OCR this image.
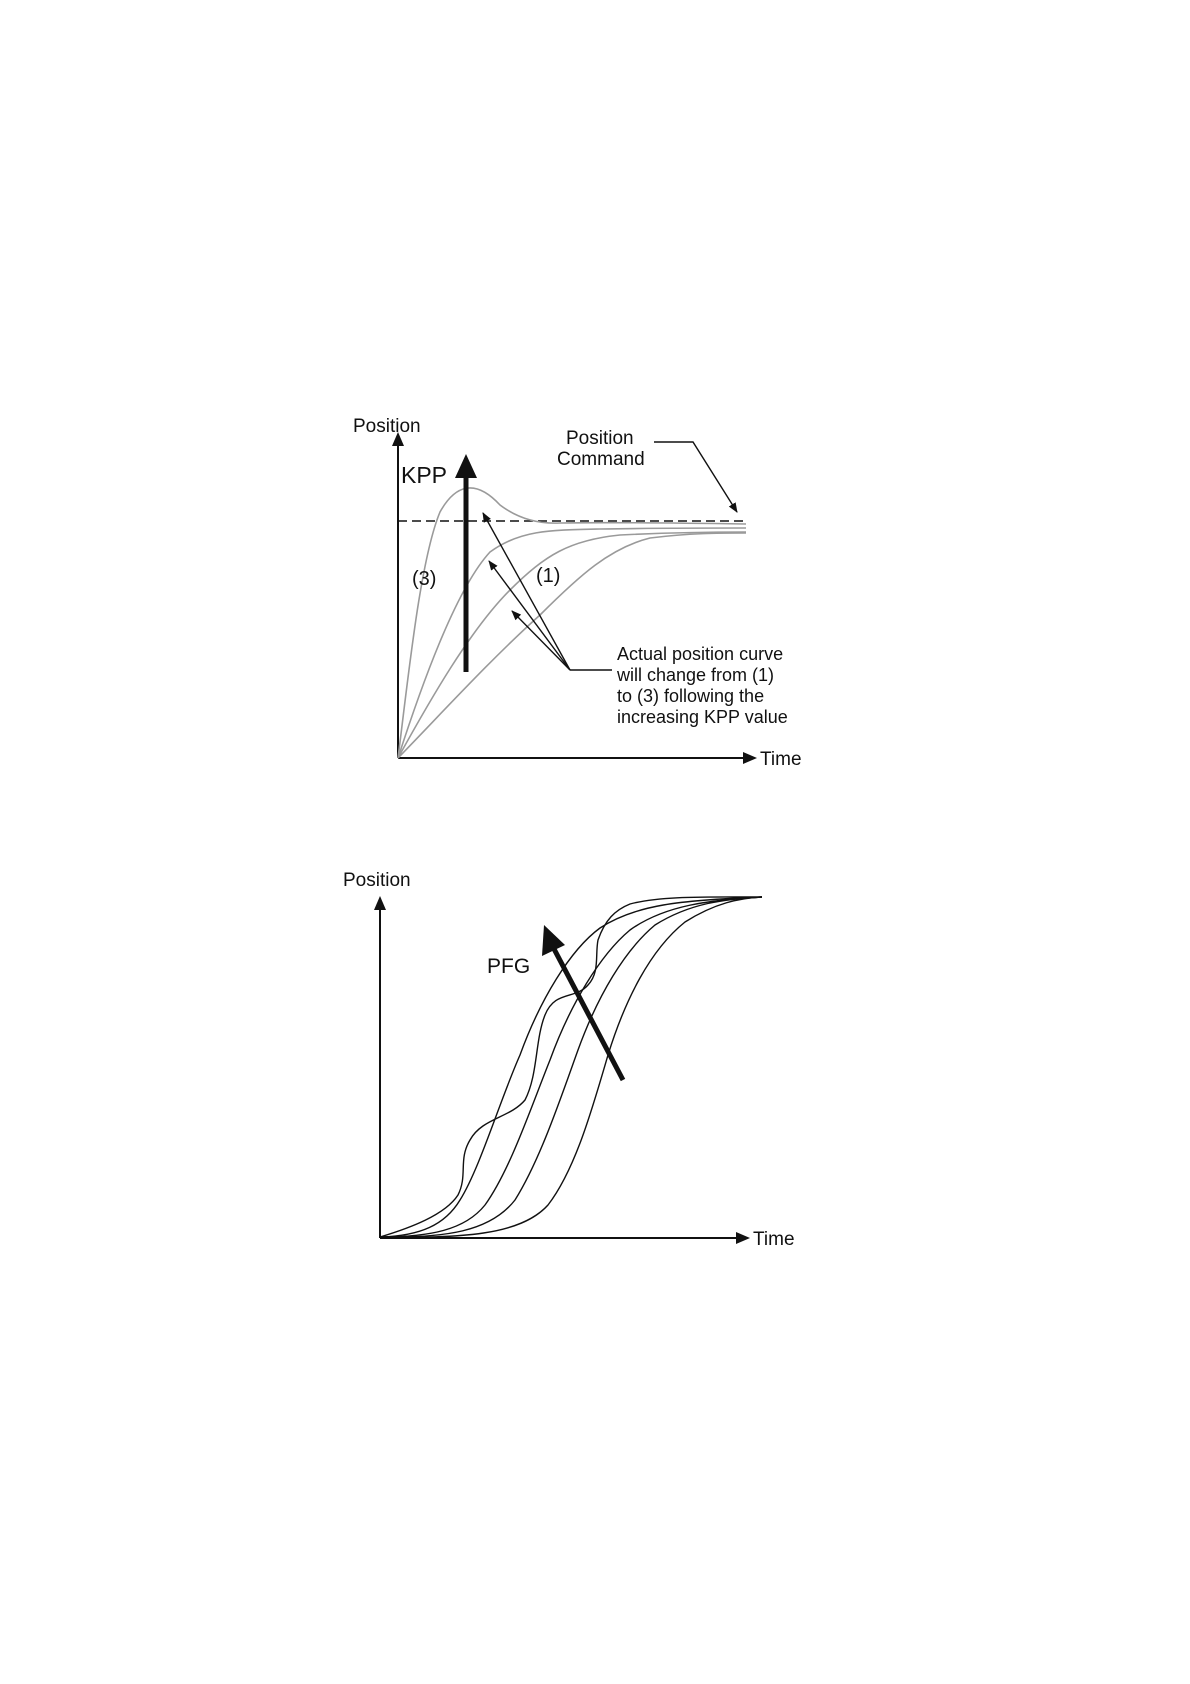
Position
Time
KPP
(3)	(1)
Position
Command
Actual position curve
will change from (1)
to (3) following the
increasing KPP value
Position
Time
PFG
